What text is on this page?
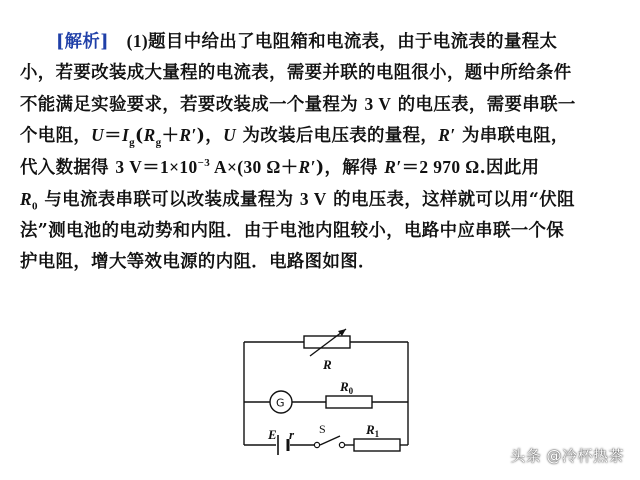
[解析]　 (1)题目中给出了电阻箱和电流表，由于电流表的量程太
小，若要改装成大量程的电流表，需要并联的电阻很小，题中所给条件
不能满足实验要求，若要改装成一个量程为 3 V 的电压表，需要串联一
个电阻，$U=I_g(R_g+R')$，U 为改装后电压表的量程，R′ 为串联电阻，
代入数据得 3 $V=1\times 10^{-3}$ A×(30 Ω＋R′)，解得 R′＝2 970 Ω.因此用
$R_0$ 与电流表串联可以改装成量程为 3 V 的电压表，这样就可以用“伏阻
法”测电池的电动势和内阻．由于电池内阻较小，电路中应串联一个保
护电阻，增大等效电源的内阻．电路图如图．
R
G
$R_0$
E r S	$R_1$
头条 @冷杯热茶
